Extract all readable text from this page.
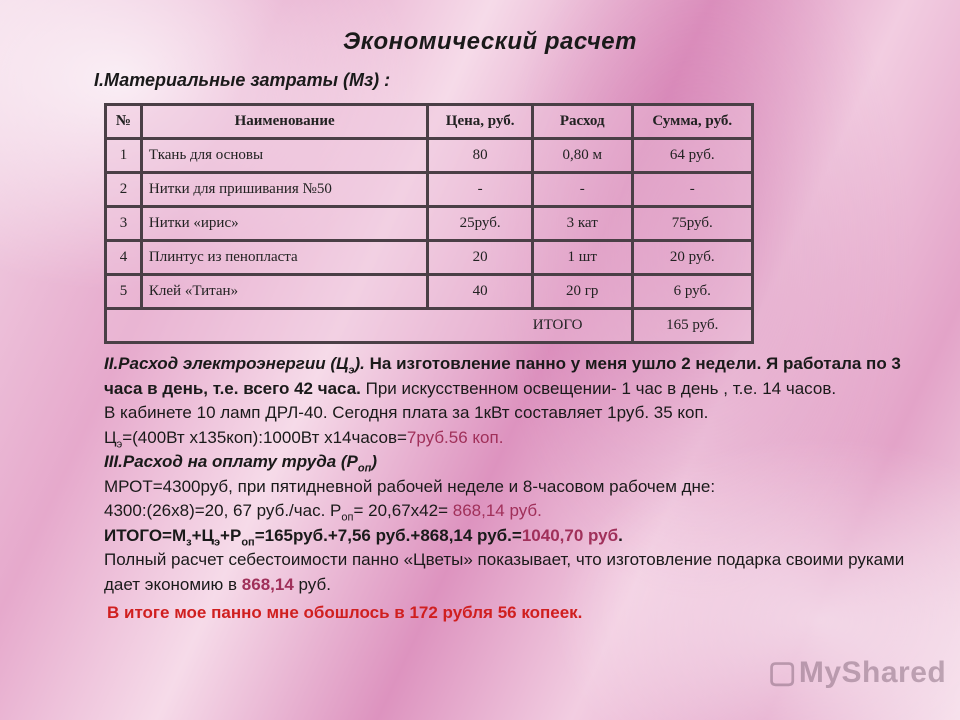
Экономический расчет
I.Материальные затраты (Мз) :
№	Наименование	Цена, руб.	Расход	Сумма, руб.
1	Ткань для основы	80	0,80 м	64 руб.
2	Нитки для пришивания №50	-	-	-
3	Нитки «ирис»	25руб.	3 кат	75руб.
4	Плинтус из пенопласта	20	1 шт	20 руб.
5	Клей «Титан»	40	20 гр	6 руб.
ИТОГО				165 руб.

II.Расход электроэнергии $(Ц_э)$. На изготовление панно у меня ушло 2 недели. Я работала по 3 часа в день, т.е. всего 42 часа. При искусственном освещении- 1 час в день , т.е. 14 часов.

В кабинете 10 ламп ДРЛ-40. Сегодня плата за 1кВт составляет 1руб. 35 коп.

$Ц_э=(400Вт$ х135коп):1000Вт х14часов=7руб.56 коп.

III.Расход на оплату труда $(Р_{оп})$

МРОТ=4300руб, при пятидневной рабочей неделе и 8-часовом рабочем дне:

4300:(26х8)=20, 67 руб./час. $Р_{оп}= 20,67х42= 868,14$ руб.

$ИТОГО=М_з+Ц_э+Р_{оп}=165руб.+7,56$ руб.+868,14 руб.=1040,70 руб.

Полный расчет себестоимости панно «Цветы» показывает, что изготовление подарка своими руками дает экономию в 868,14 руб.

В итоге мое панно мне обошлось в 172 рубля 56 копеек.

▢MyShared
